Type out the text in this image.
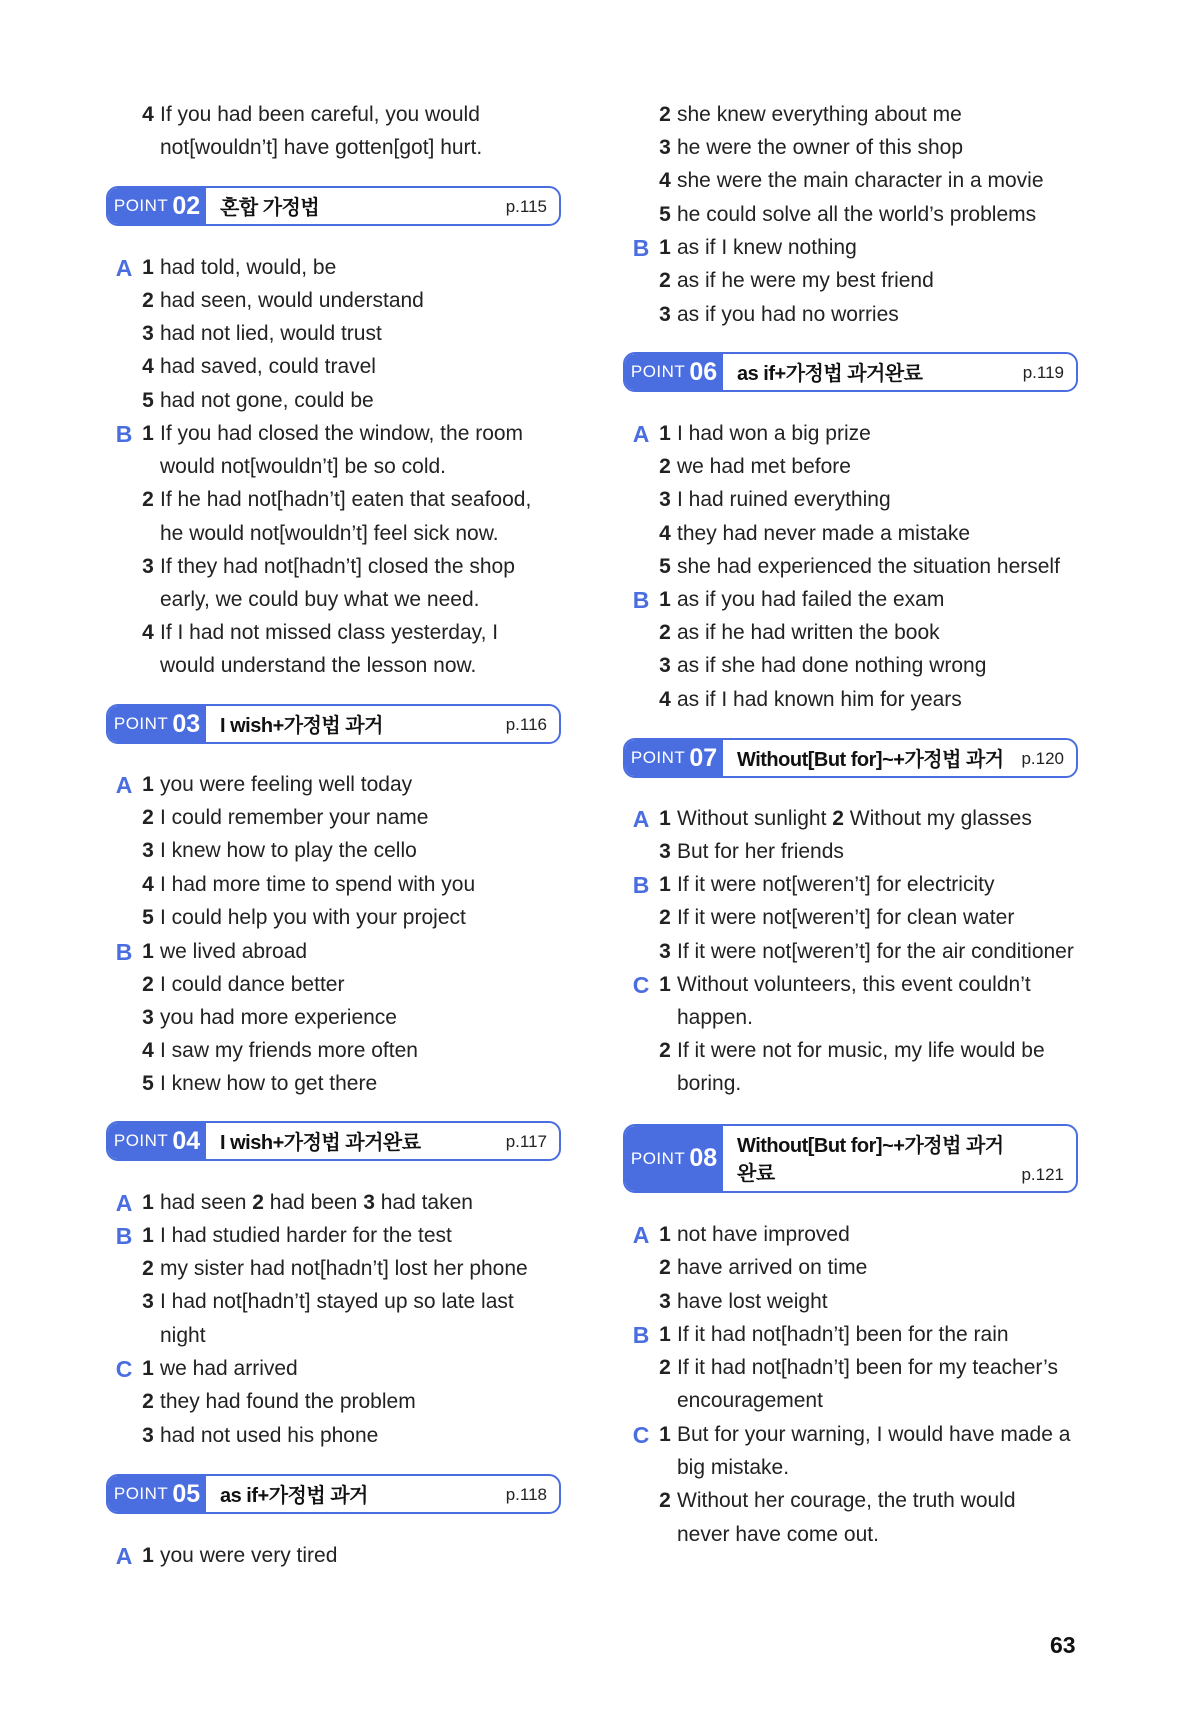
4 If you had been careful, you would
not[wouldn’t] have gotten[got] hurt.
POINT 02 혼합 가정법	p.115
A 1 had told, would, be
2 had seen, would understand
3 had not lied, would trust
4 had saved, could travel
5 had not gone, could be
B 1 If you had closed the window, the room
would not[wouldn’t] be so cold.
2 If he had not[hadn’t] eaten that seafood,
he would not[wouldn’t] feel sick now.
3 If they had not[hadn’t] closed the shop
early, we could buy what we need.
4 If I had not missed class yesterday, I
would understand the lesson now.
POINT 03 I wish+가정법 과거	p.116
A 1 you were feeling well today
2 I could remember your name
3 I knew how to play the cello
4 I had more time to spend with you
5 I could help you with your project
B 1 we lived abroad
2 I could dance better
3 you had more experience
4 I saw my friends more often
5 I knew how to get there
POINT 04 I wish+가정법 과거완료	p.117
A 1 had seen 2 had been 3 had taken
B 1 I had studied harder for the test
2 my sister had not[hadn’t] lost her phone
3 I had not[hadn’t] stayed up so late last
night
C 1 we had arrived
2 they had found the problem
3 had not used his phone
POINT 05 as if+가정법 과거	p.118
A 1 you were very tired
2 she knew everything about me
3 he were the owner of this shop
4 she were the main character in a movie
5 he could solve all the world’s problems
B 1 as if I knew nothing
2 as if he were my best friend
3 as if you had no worries
POINT 06 as if+가정법 과거완료	p.119
A 1 I had won a big prize
2 we had met before
3 I had ruined everything
4 they had never made a mistake
5 she had experienced the situation herself
B 1 as if you had failed the exam
2 as if he had written the book
3 as if she had done nothing wrong
4 as if I had known him for years
POINT 07 Without[But for]~+가정법 과거 p.120
A 1 Without sunlight 2 Without my glasses
3 But for her friends
B 1 If it were not[weren’t] for electricity
2 If it were not[weren’t] for clean water
3 If it were not[weren’t] for the air conditioner
C 1 Without volunteers, this event couldn’t
happen.
2 If it were not for music, my life would be
boring.
POINT 08 Without[But for]~+가정법 과거 완료	p.121
A 1 not have improved
2 have arrived on time
3 have lost weight
B 1 If it had not[hadn’t] been for the rain
2 If it had not[hadn’t] been for my teacher’s
encouragement
C 1 But for your warning, I would have made a
big mistake.
2 Without her courage, the truth would
never have come out.
63
